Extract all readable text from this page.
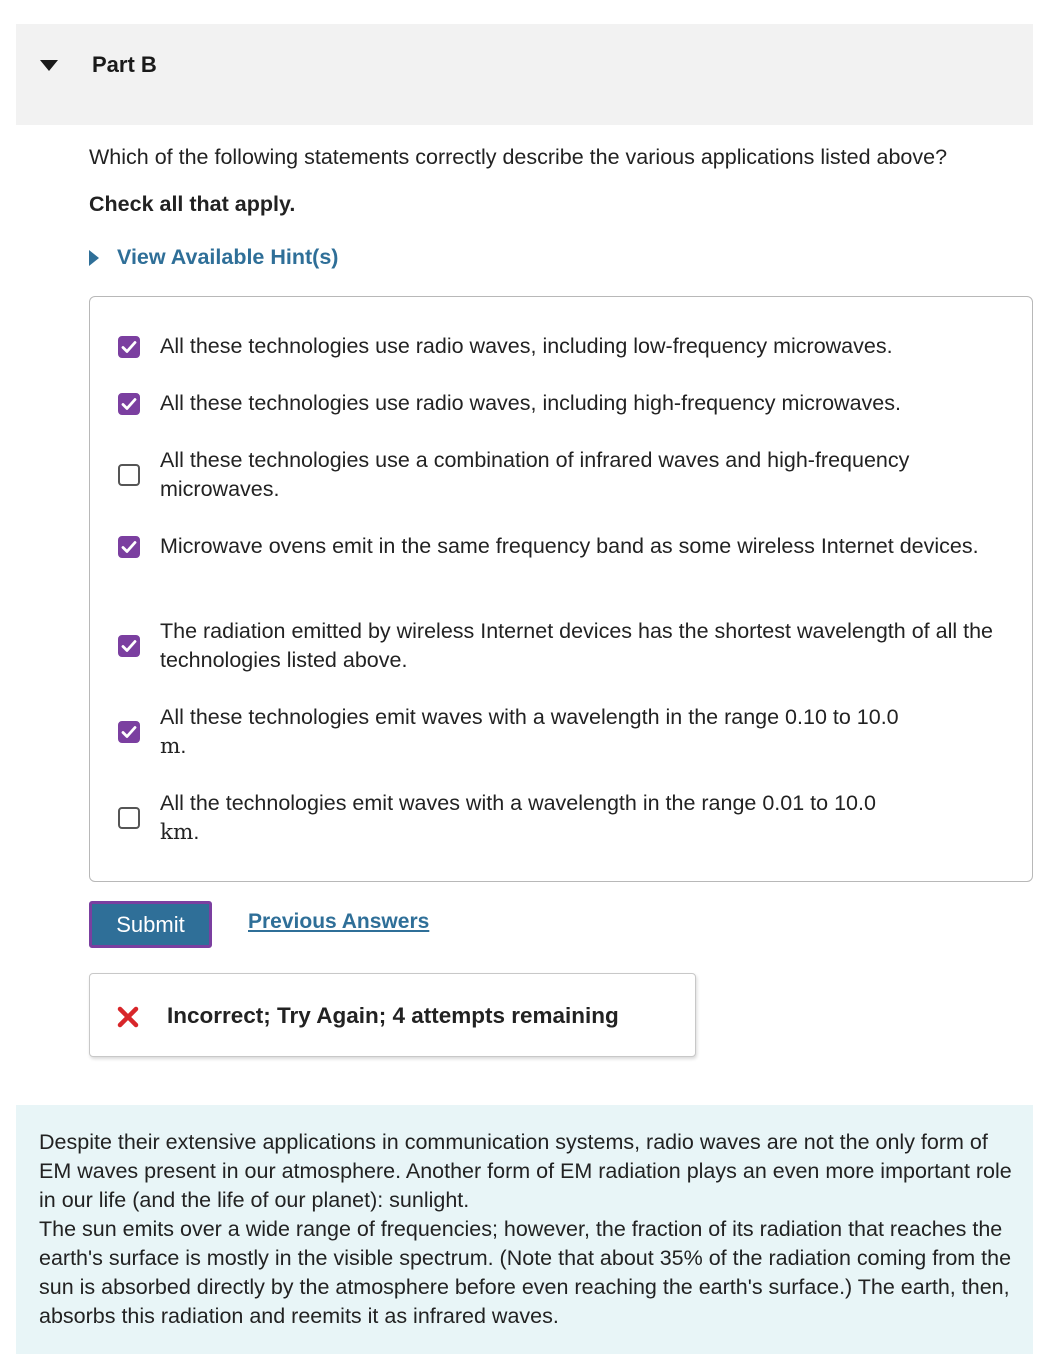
Part B
Which of the following statements correctly describe the various applications listed above?
Check all that apply.
View Available Hint(s)
All these technologies use radio waves, including low-frequency microwaves.
All these technologies use radio waves, including high-frequency microwaves.
All these technologies use a combination of infrared waves and high-frequency microwaves.
Microwave ovens emit in the same frequency band as some wireless Internet devices.
The radiation emitted by wireless Internet devices has the shortest wavelength of all the technologies listed above.
All these technologies emit waves with a wavelength in the range 0.10 to 10.0
m.
All the technologies emit waves with a wavelength in the range 0.01 to 10.0
km.
Submit	Previous Answers
Incorrect; Try Again; 4 attempts remaining
Despite their extensive applications in communication systems, radio waves are not the only form of EM waves present in our atmosphere. Another form of EM radiation plays an even more important role in our life (and the life of our planet): sunlight.
The sun emits over a wide range of frequencies; however, the fraction of its radiation that reaches the earth's surface is mostly in the visible spectrum. (Note that about 35% of the radiation coming from the sun is absorbed directly by the atmosphere before even reaching the earth's surface.) The earth, then, absorbs this radiation and reemits it as infrared waves.
